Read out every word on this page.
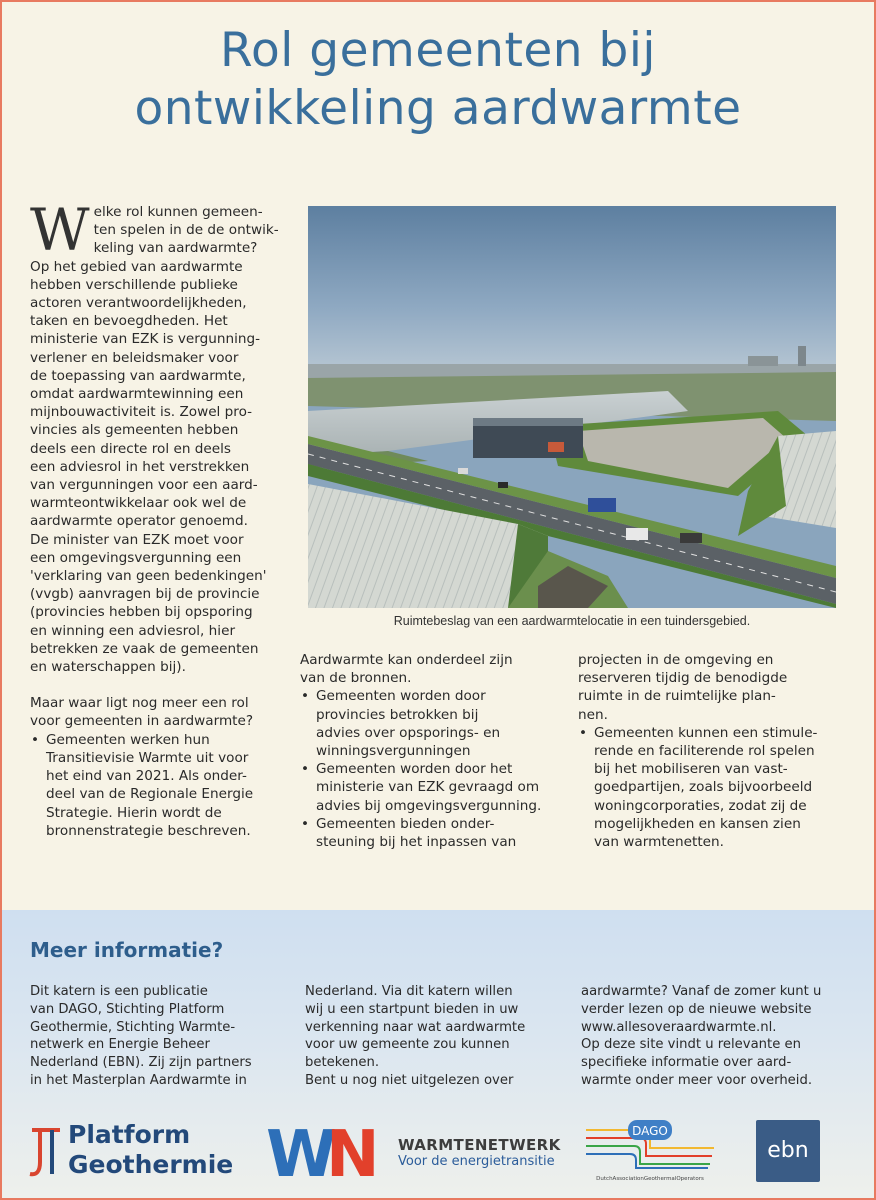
Rol gemeenten bij
ontwikkeling aardwarmte
W elke rol kunnen gemeen-
ten spelen in de de ontwik-
keling van aardwarmte?
Op het gebied van aardwarmte
hebben verschillende publieke
actoren verantwoordelijkheden,
taken en bevoegdheden. Het
ministerie van EZK is vergunning-
verlener en beleidsmaker voor
de toepassing van aardwarmte,
omdat aardwarmtewinning een
mijnbouwactiviteit is. Zowel pro-
vincies als gemeenten hebben
deels een directe rol en deels
een adviesrol in het verstrekken
van vergunningen voor een aard-
warmteontwikkelaar ook wel de
aardwarmte operator genoemd.
De minister van EZK moet voor
een omgevingsvergunning een
'verklaring van geen bedenkingen'
(vvgb) aanvragen bij de provincie
(provincies hebben bij opsporing
en winning een adviesrol, hier
betrekken ze vaak de gemeenten
en waterschappen bij).
Maar waar ligt nog meer een rol
voor gemeenten in aardwarmte?
• Gemeenten werken hun
Transitievisie Warmte uit voor
het eind van 2021. Als onder-
deel van de Regionale Energie
Strategie. Hierin wordt de
bronnenstrategie beschreven.
Ruimtebeslag van een aardwarmtelocatie in een tuindersgebied.
Aardwarmte kan onderdeel zijn
van de bronnen.
• Gemeenten worden door
provincies betrokken bij
advies over opsporings- en
winningsvergunningen
• Gemeenten worden door het
ministerie van EZK gevraagd om
advies bij omgevingsvergunning.
• Gemeenten bieden onder-
steuning bij het inpassen van
projecten in de omgeving en
reserveren tijdig de benodigde
ruimte in de ruimtelijke plan-
nen.
• Gemeenten kunnen een stimule-
rende en faciliterende rol spelen
bij het mobiliseren van vast-
goedpartijen, zoals bijvoorbeeld
woningcorporaties, zodat zij de
mogelijkheden en kansen zien
van warmtenetten.
Meer informatie?
Dit katern is een publicatie
van DAGO, Stichting Platform
Geothermie, Stichting Warmte-
netwerk en Energie Beheer
Nederland (EBN). Zij zijn partners
in het Masterplan Aardwarmte in
Nederland. Via dit katern willen
wij u een startpunt bieden in uw
verkenning naar wat aardwarmte
voor uw gemeente zou kunnen
betekenen.
Bent u nog niet uitgelezen over
aardwarmte? Vanaf de zomer kunt u
verder lezen op de nieuwe website
www.allesoveraardwarmte.nl.
Op deze site vindt u relevante en
specifieke informatie over aard-
warmte onder meer voor overheid.
Platform
Geothermie W
N WARMTENETWERK
Voor de energietransitie
DAGO
DutchAssociationGeothermalOperators
ebn
